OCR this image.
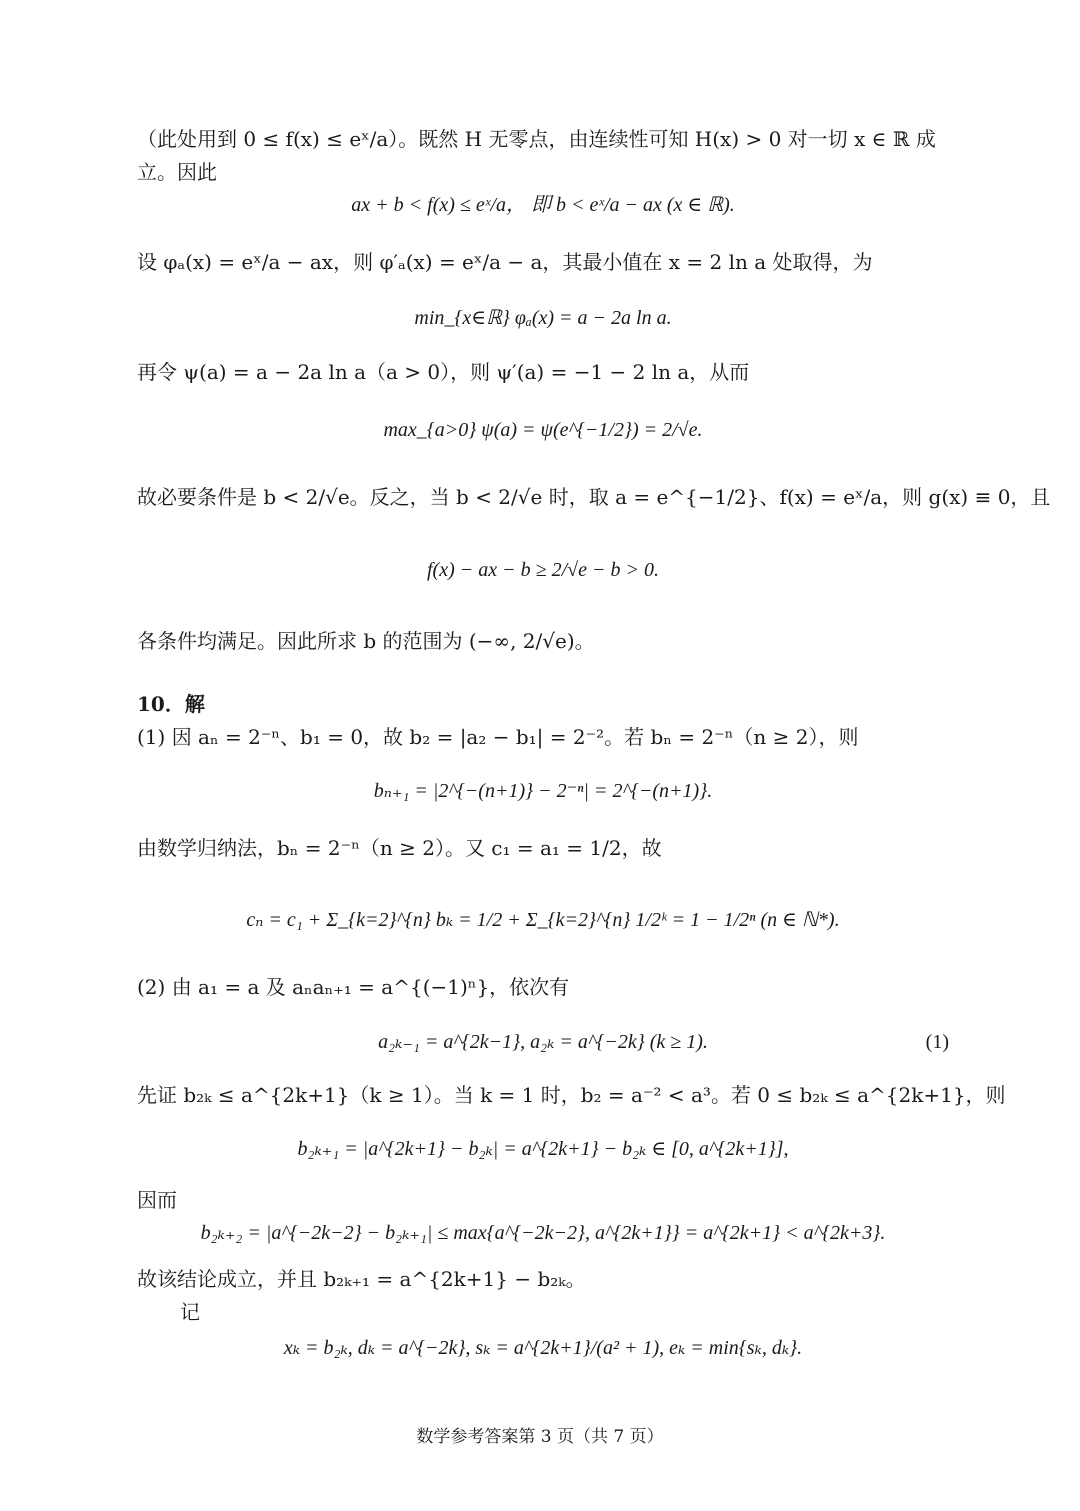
（此处用到 0 ≤ f(x) ≤ eˣ/a）。既然 H 无零点，由连续性可知 H(x) > 0 对一切 x ∈ ℝ 成
立。因此
ax + b < f(x) ≤ eˣ/a， 即 b < eˣ/a − ax (x ∈ ℝ).
设 φₐ(x) = eˣ/a − ax，则 φ′ₐ(x) = eˣ/a − a，其最小值在 x = 2 ln a 处取得，为
min_{x∈ℝ} φₐ(x) = a − 2a ln a.
再令 ψ(a) = a − 2a ln a（a > 0），则 ψ′(a) = −1 − 2 ln a，从而
max_{a>0} ψ(a) = ψ(e^{−1/2}) = 2/√e.
故必要条件是 b < 2/√e。反之，当 b < 2/√e 时，取 a = e^{−1/2}、f(x) = eˣ/a，则 g(x) ≡ 0，且
f(x) − ax − b ≥ 2/√e − b > 0.
各条件均满足。因此所求 b 的范围为 (−∞, 2/√e)。
10．解
(1) 因 aₙ = 2⁻ⁿ、b₁ = 0，故 b₂ = |a₂ − b₁| = 2⁻²。若 bₙ = 2⁻ⁿ（n ≥ 2），则
bₙ₊₁ = |2^{−(n+1)} − 2⁻ⁿ| = 2^{−(n+1)}.
由数学归纳法，bₙ = 2⁻ⁿ（n ≥ 2）。又 c₁ = a₁ = 1/2，故
cₙ = c₁ + Σ_{k=2}^{n} bₖ = 1/2 + Σ_{k=2}^{n} 1/2ᵏ = 1 − 1/2ⁿ (n ∈ ℕ*).
(2) 由 a₁ = a 及 aₙaₙ₊₁ = a^{(−1)ⁿ}，依次有
a₂ₖ₋₁ = a^{2k−1}, a₂ₖ = a^{−2k} (k ≥ 1).	(1)
先证 b₂ₖ ≤ a^{2k+1}（k ≥ 1）。当 k = 1 时，b₂ = a⁻² < a³。若 0 ≤ b₂ₖ ≤ a^{2k+1}，则
b₂ₖ₊₁ = |a^{2k+1} − b₂ₖ| = a^{2k+1} − b₂ₖ ∈ [0, a^{2k+1}],
因而
b₂ₖ₊₂ = |a^{−2k−2} − b₂ₖ₊₁| ≤ max{a^{−2k−2}, a^{2k+1}} = a^{2k+1} < a^{2k+3}.
故该结论成立，并且 b₂ₖ₊₁ = a^{2k+1} − b₂ₖ。
记
xₖ = b₂ₖ, dₖ = a^{−2k}, sₖ = a^{2k+1}/(a² + 1), eₖ = min{sₖ, dₖ}.
数学参考答案第 3 页（共 7 页）
